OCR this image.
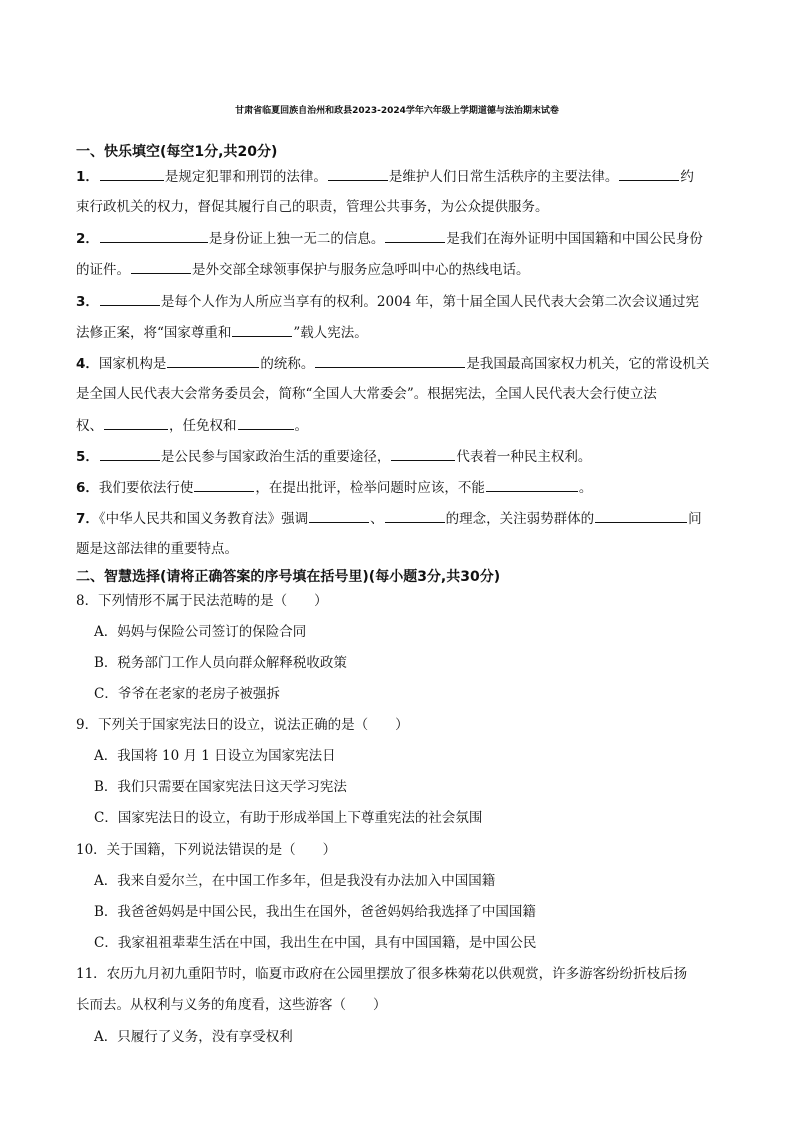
甘肃省临夏回族自治州和政县2023-2024学年六年级上学期道德与法治期末试卷
一、快乐填空(每空1分,共20分)
1．	是规定犯罪和刑罚的法律。	是维护人们日常生活秩序的主要法律。	约
束行政机关的权力，督促其履行自己的职责，管理公共事务，为公众提供服务。
2．	是身份证上独一无二的信息。	是我们在海外证明中国国籍和中国公民身份
的证件。	是外交部全球领事保护与服务应急呼叫中心的热线电话。
3．	是每个人作为人所应当享有的权利。2004 年，第十届全国人民代表大会第二次会议通过宪
法修正案，将“国家尊重和	”载人宪法。
4．国家机构是	的统称。	是我国最高国家权力机关，它的常设机关
是全国人民代表大会常务委员会，简称“全国人大常委会”。根据宪法，全国人民代表大会行使立法
权、	，任免权和	。
5．	是公民参与国家政治生活的重要途径，	代表着一种民主权利。
6．我们要依法行使	，在提出批评，检举问题时应该，不能	。
7．《中华人民共和国义务教育法》强调	、	的理念，关注弱势群体的	问
题是这部法律的重要特点。
二、智慧选择(请将正确答案的序号填在括号里)(每小题3分,共30分)
8．下列情形不属于民法范畴的是（　　）
A．妈妈与保险公司签订的保险合同
B．税务部门工作人员向群众解释税收政策
C．爷爷在老家的老房子被强拆
9．下列关于国家宪法日的设立，说法正确的是（　　）
A．我国将 10 月 1 日设立为国家宪法日
B．我们只需要在国家宪法日这天学习宪法
C．国家宪法日的设立，有助于形成举国上下尊重宪法的社会氛围
10．关于国籍，下列说法错误的是（　　）
A．我来自爱尔兰，在中国工作多年，但是我没有办法加入中国国籍
B．我爸爸妈妈是中国公民，我出生在国外，爸爸妈妈给我选择了中国国籍
C．我家祖祖辈辈生活在中国，我出生在中国，具有中国国籍，是中国公民
11．农历九月初九重阳节时，临夏市政府在公园里摆放了很多株菊花以供观赏，许多游客纷纷折枝后扬
长而去。从权利与义务的角度看，这些游客（　　）
A．只履行了义务，没有享受权利
